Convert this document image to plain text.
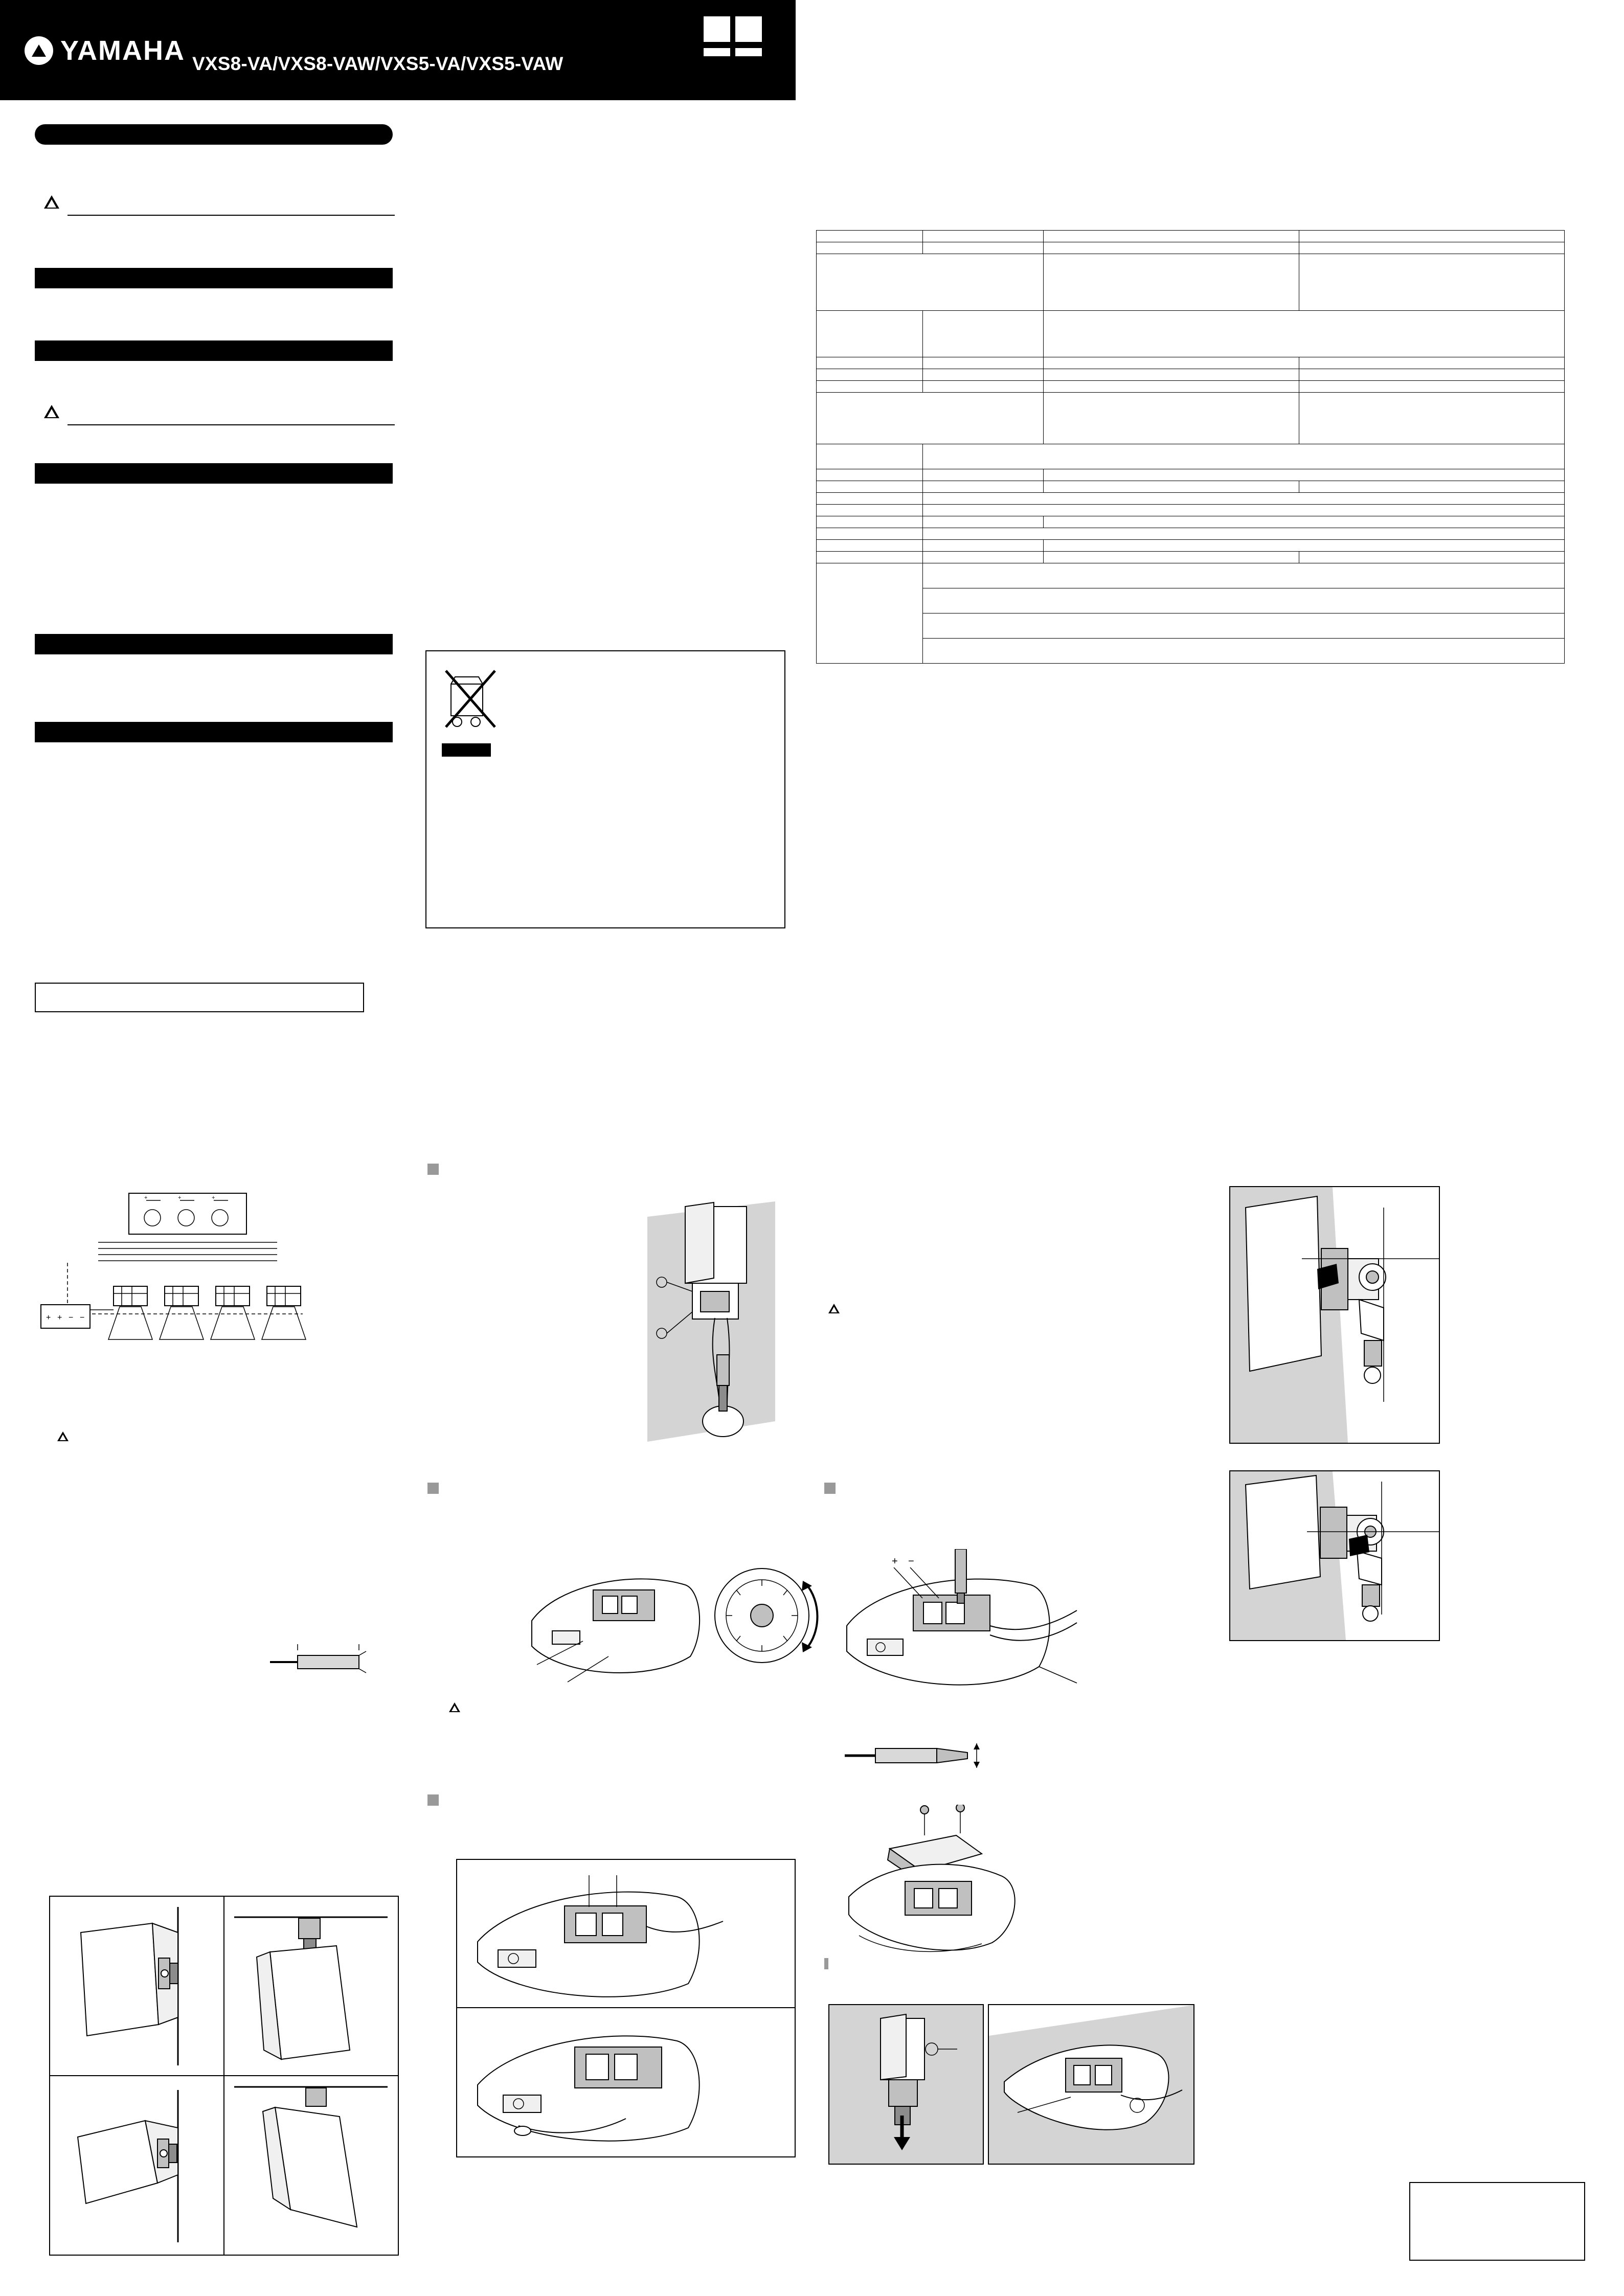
YAMAHA VXS8-VA/VXS8-VAW/VXS5-VA/VXS5-VAW

+	+	+
+ + − −
+ −
